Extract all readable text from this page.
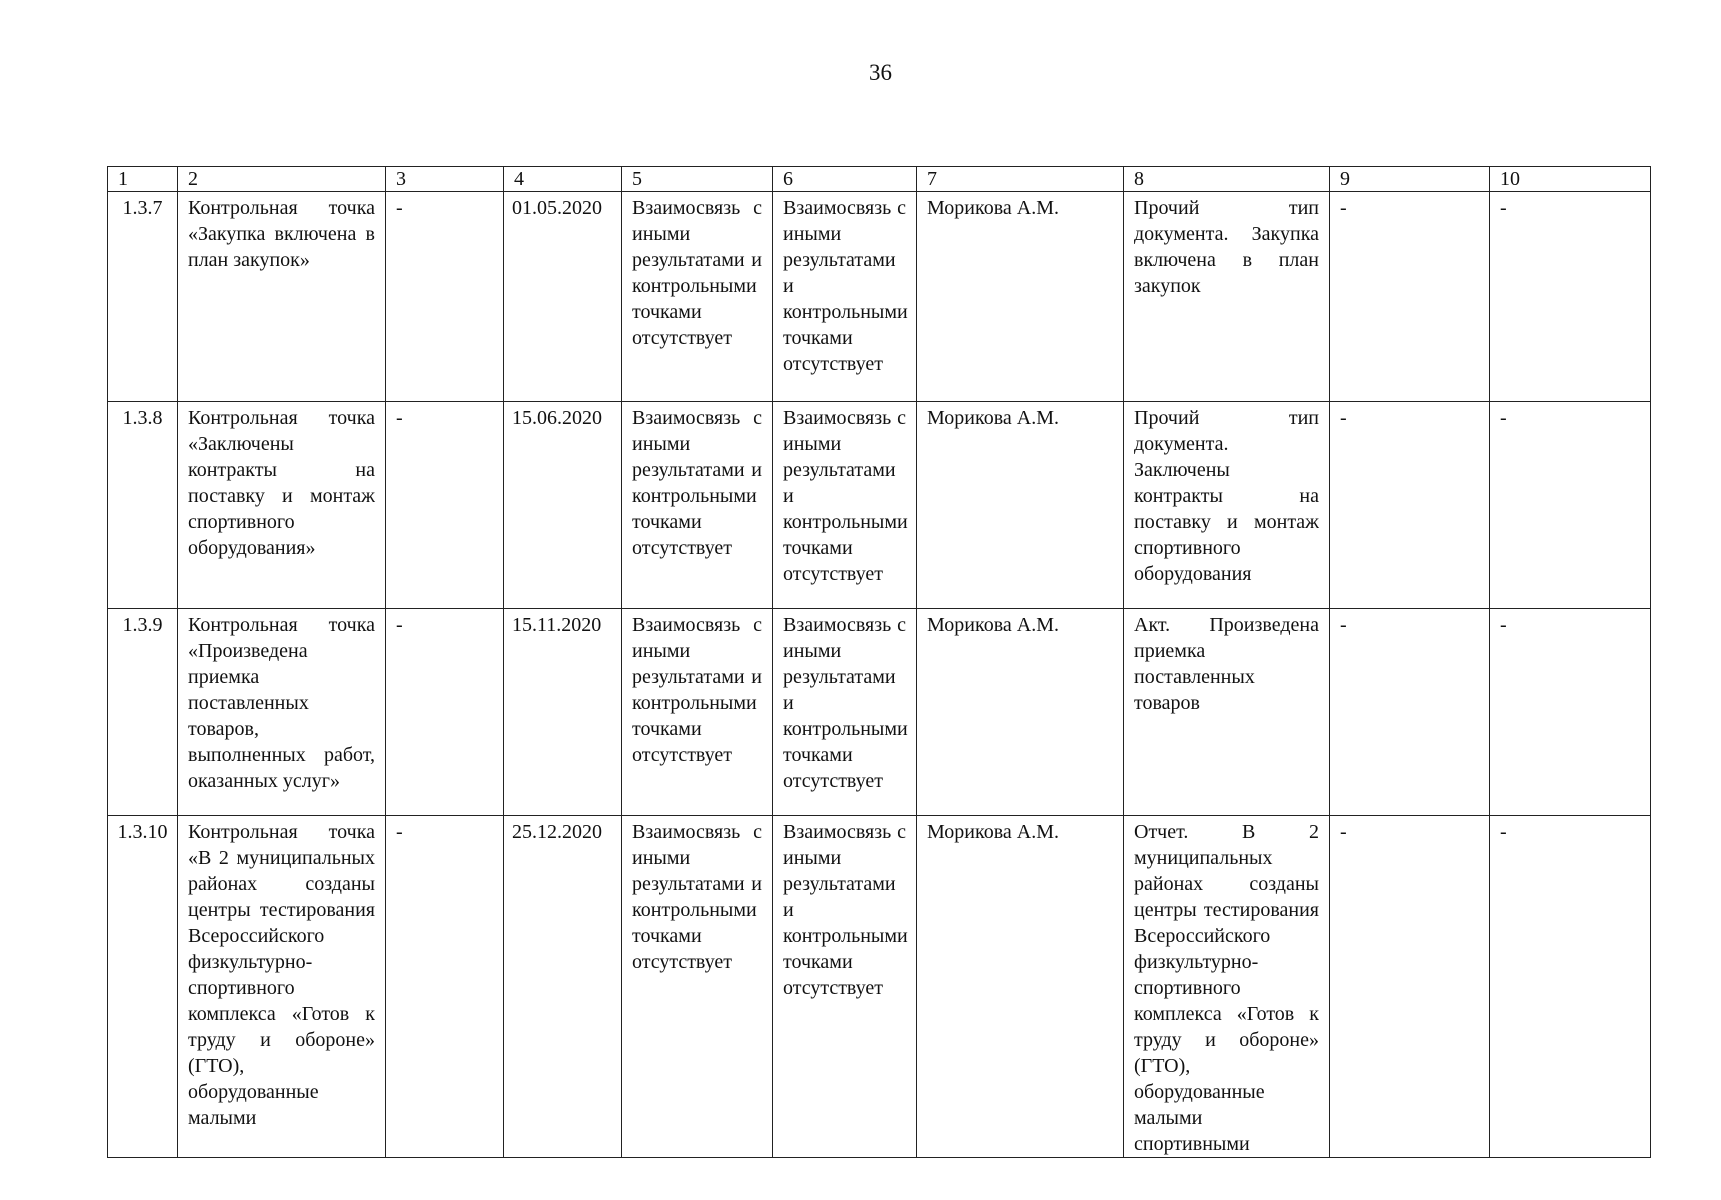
36
1	2	3	4	5	6	7	8	9	10
1.3.7	Контрольная точка «Закупка включена в план закупок»	-	01.05.2020	Взаимосвязь с иными результатами и контрольными точками отсутствует	Взаимосвязь с иными результатами и контрольными точками отсутствует	Морикова А.М.	Прочий тип документа. Закупка включена в план закупок	-	-
1.3.8	Контрольная точка «Заключены контракты на поставку и монтаж спортивного оборудования»	-	15.06.2020	Взаимосвязь с иными результатами и контрольными точками отсутствует	Взаимосвязь с иными результатами и контрольными точками отсутствует	Морикова А.М.	Прочий тип документа. Заключены контракты на поставку и монтаж спортивного оборудования	-	-
1.3.9	Контрольная точка «Произведена приемка поставленных товаров, выполненных работ, оказанных услуг»	-	15.11.2020	Взаимосвязь с иными результатами и контрольными точками отсутствует	Взаимосвязь с иными результатами и контрольными точками отсутствует	Морикова А.М.	Акт. Произведена приемка поставленных товаров	-	-
1.3.10	Контрольная точка «В 2 муниципальных районах созданы центры тестирования Всероссийского физкультурно-спортивного комплекса «Готов к труду и обороне» (ГТО), оборудованные малыми	-	25.12.2020	Взаимосвязь с иными результатами и контрольными точками отсутствует	Взаимосвязь с иными результатами и контрольными точками отсутствует	Морикова А.М.	Отчет. В 2 муниципальных районах созданы центры тестирования Всероссийского физкультурно-спортивного комплекса «Готов к труду и обороне» (ГТО), оборудованные малыми спортивными	-	-
